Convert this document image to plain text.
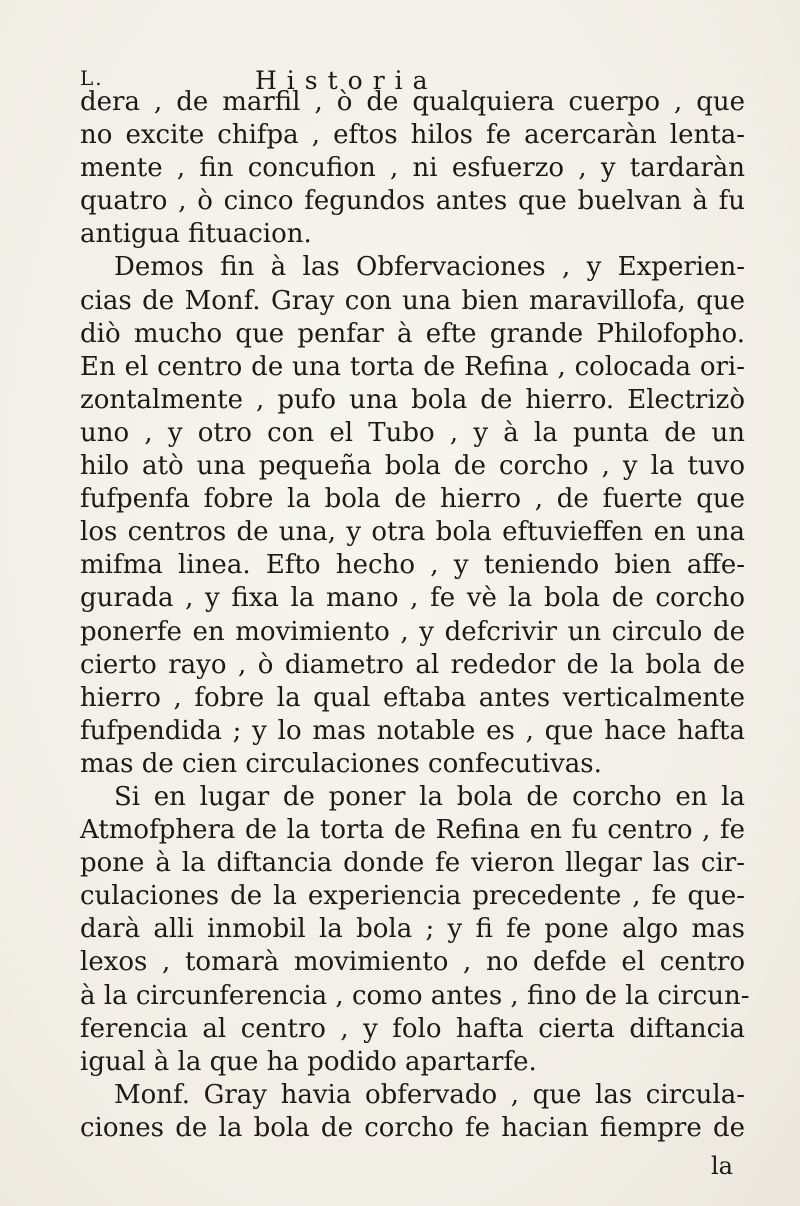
L.	Historia
dera , de marfil , ò de qualquiera cuerpo , que
no excite chifpa , eftos hilos fe acercaràn lenta-
mente , fin concufion , ni esfuerzo , y tardaràn
quatro , ò cinco fegundos antes que buelvan à fu
antigua fituacion.
Demos fin à las Obfervaciones , y Experien-
cias de Monf. Gray con una bien maravillofa, que
diò mucho que penfar à efte grande Philofopho.
En el centro de una torta de Refina , colocada ori-
zontalmente , pufo una bola de hierro. Electrizò
uno , y otro con el Tubo , y à la punta de un
hilo atò una pequeña bola de corcho , y la tuvo
fufpenfa fobre la bola de hierro , de fuerte que
los centros de una, y otra bola eftuvieffen en una
mifma linea. Efto hecho , y teniendo bien affe-
gurada , y fixa la mano , fe vè la bola de corcho
ponerfe en movimiento , y defcrivir un circulo de
cierto rayo , ò diametro al rededor de la bola de
hierro , fobre la qual eftaba antes verticalmente
fufpendida ; y lo mas notable es , que hace hafta
mas de cien circulaciones confecutivas.
Si en lugar de poner la bola de corcho en la
Atmofphera de la torta de Refina en fu centro , fe
pone à la diftancia donde fe vieron llegar las cir-
culaciones de la experiencia precedente , fe que-
darà alli inmobil la bola ; y fi fe pone algo mas
lexos , tomarà movimiento , no defde el centro
à la circunferencia , como antes , fino de la circun-
ferencia al centro , y folo hafta cierta diftancia
igual à la que ha podido apartarfe.
Monf. Gray havia obfervado , que las circula-
ciones de la bola de corcho fe hacian fiempre de
la
